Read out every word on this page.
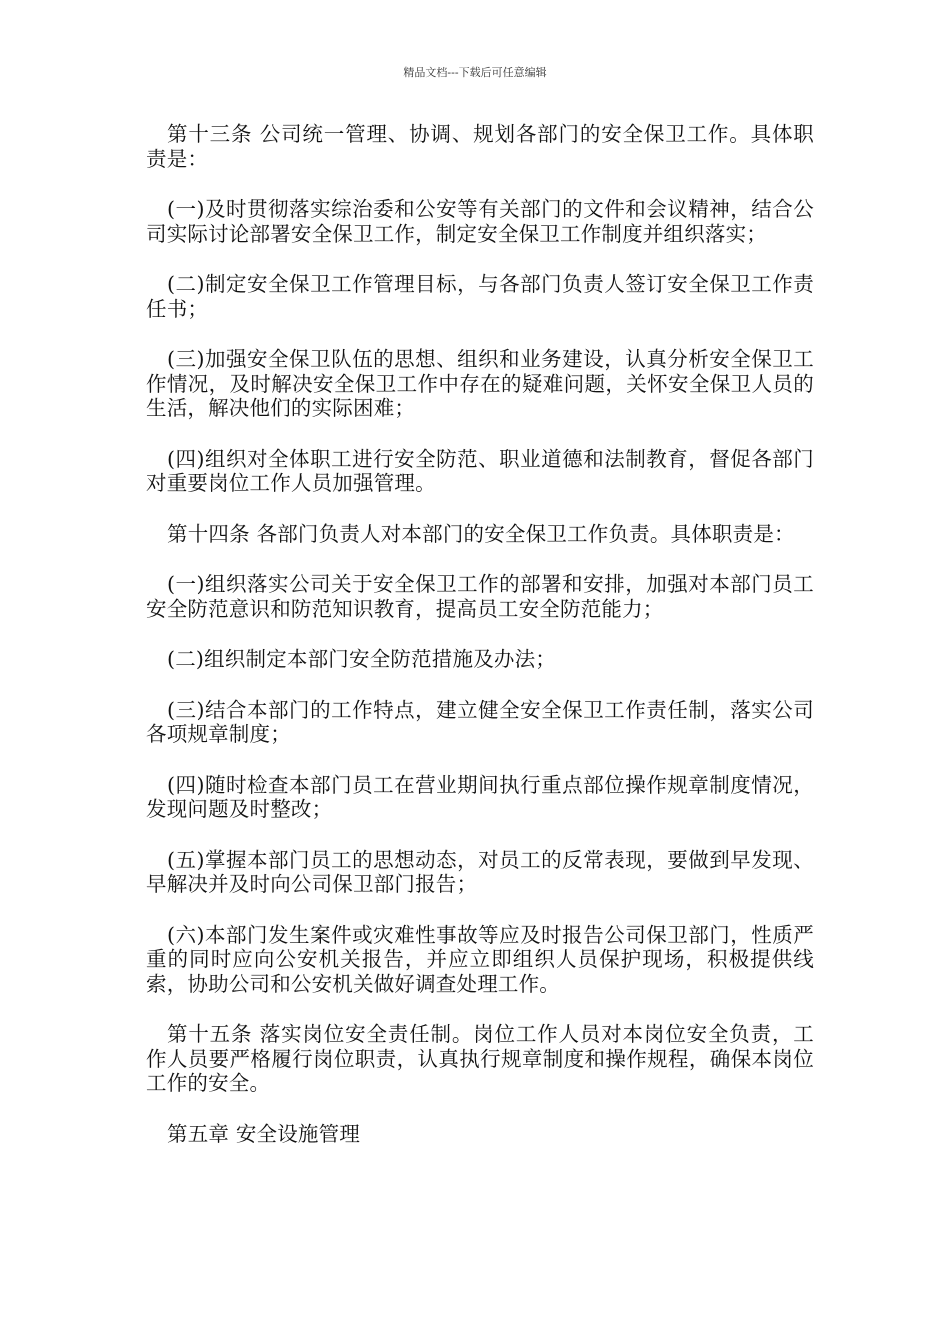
精品文档---下载后可任意编辑

第十三条 公司统一管理、协调、规划各部门的安全保卫工作。具体职责是：

(一)及时贯彻落实综治委和公安等有关部门的文件和会议精神，结合公司实际讨论部署安全保卫工作，制定安全保卫工作制度并组织落实；

(二)制定安全保卫工作管理目标，与各部门负责人签订安全保卫工作责任书；

(三)加强安全保卫队伍的思想、组织和业务建设，认真分析安全保卫工作情况，及时解决安全保卫工作中存在的疑难问题，关怀安全保卫人员的生活，解决他们的实际困难；

(四)组织对全体职工进行安全防范、职业道德和法制教育，督促各部门对重要岗位工作人员加强管理。

第十四条 各部门负责人对本部门的安全保卫工作负责。具体职责是：

(一)组织落实公司关于安全保卫工作的部署和安排，加强对本部门员工安全防范意识和防范知识教育，提高员工安全防范能力；

(二)组织制定本部门安全防范措施及办法；

(三)结合本部门的工作特点，建立健全安全保卫工作责任制，落实公司各项规章制度；

(四)随时检查本部门员工在营业期间执行重点部位操作规章制度情况，发现问题及时整改；

(五)掌握本部门员工的思想动态，对员工的反常表现，要做到早发现、早解决并及时向公司保卫部门报告；

(六)本部门发生案件或灾难性事故等应及时报告公司保卫部门，性质严重的同时应向公安机关报告，并应立即组织人员保护现场，积极提供线索，协助公司和公安机关做好调查处理工作。

第十五条 落实岗位安全责任制。岗位工作人员对本岗位安全负责，工作人员要严格履行岗位职责，认真执行规章制度和操作规程，确保本岗位工作的安全。

第五章 安全设施管理
